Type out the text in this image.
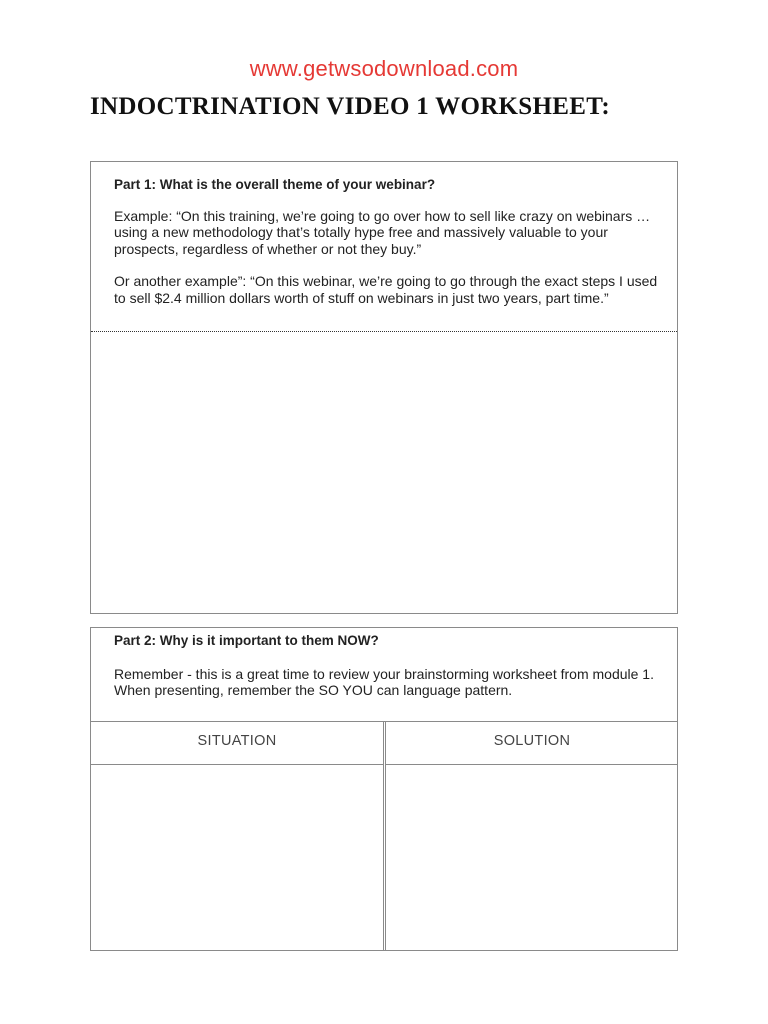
www.getwsodownload.com
INDOCTRINATION VIDEO 1 WORKSHEET:

Part 1: What is the overall theme of your webinar?

Example: “On this training, we’re going to go over how to sell like crazy on webinars … using a new methodology that’s totally hype free and massively valuable to your prospects, regardless of whether or not they buy.”

Or another example”: “On this webinar, we’re going to go through the exact steps I used to sell $2.4 million dollars worth of stuff on webinars in just two years, part time.”

Part 2: Why is it important to them NOW?

Remember - this is a great time to review your brainstorming worksheet from module 1. When presenting, remember the SO YOU can language pattern.

SITUATION	SOLUTION
